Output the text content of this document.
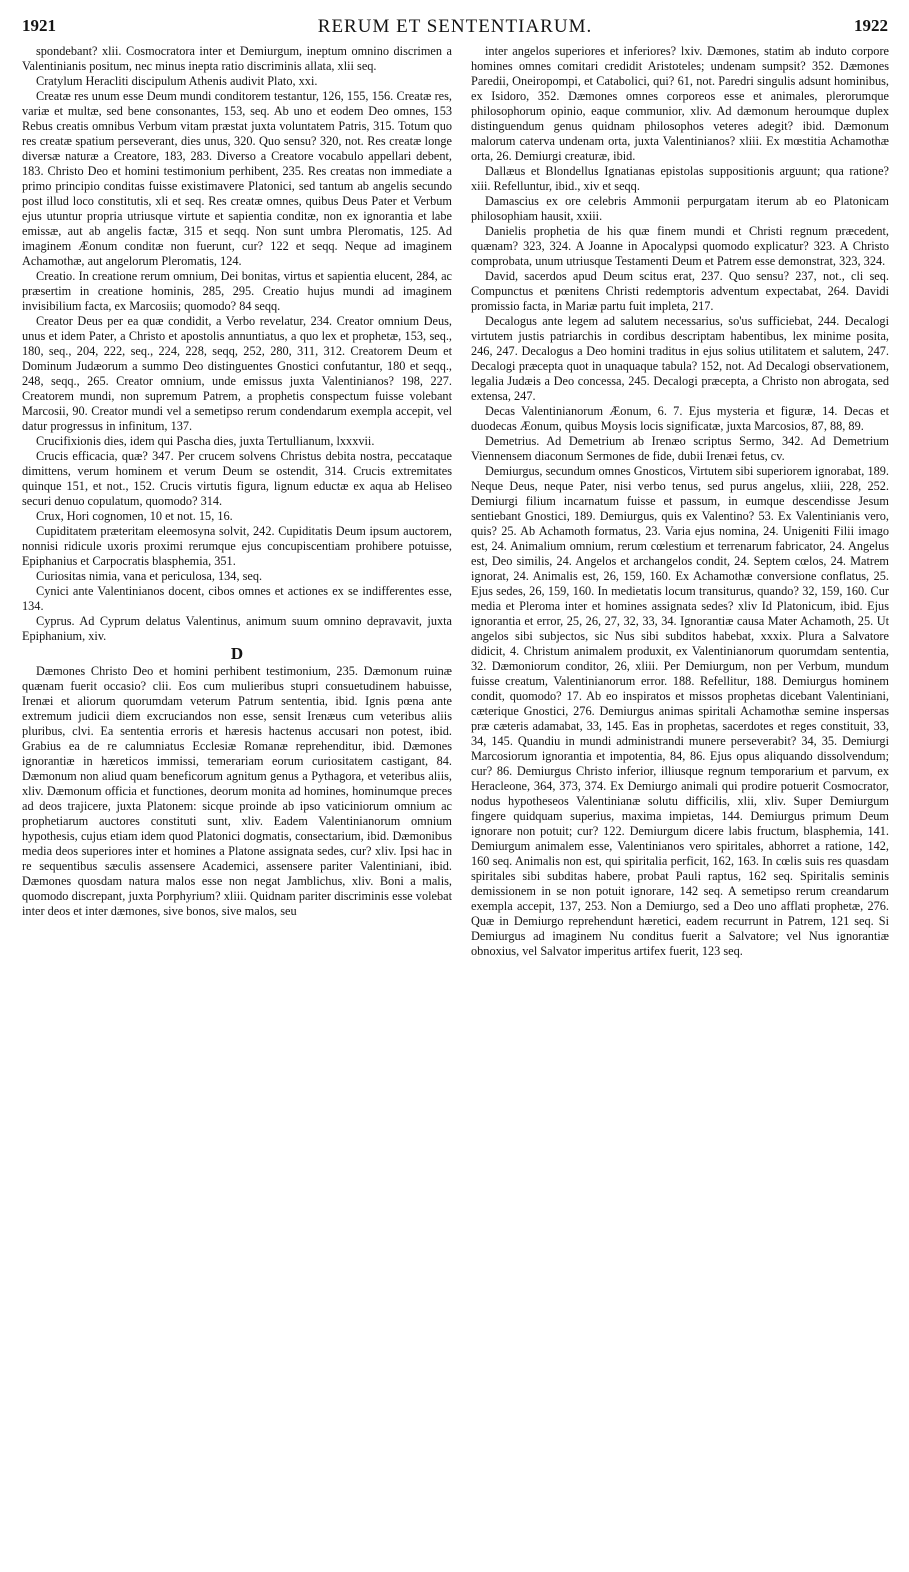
1921	RERUM ET SENTENTIARUM.	1922

spondebant? xlii. Cosmocratora inter et Demiurgum, ineptum omnino discrimen a Valentinianis positum, nec minus inepta ratio discriminis allata, xlii seq.

Cratylum Heracliti discipulum Athenis audivit Plato, xxi.

Creatæ res unum esse Deum mundi conditorem testantur, 126, 155, 156. Creatæ res, variæ et multæ, sed bene consonantes, 153, seq. Ab uno et eodem Deo omnes, 153 Rebus creatis omnibus Verbum vitam præstat juxta voluntatem Patris, 315. Totum quo res creatæ spatium perseverant, dies unus, 320. Quo sensu? 320, not. Res creatæ longe diversæ naturæ a Creatore, 183, 283. Diverso a Creatore vocabulo appellari debent, 183. Christo Deo et homini testimonium perhibent, 235. Res creatas non immediate a primo principio conditas fuisse existimavere Platonici, sed tantum ab angelis secundo post illud loco constitutis, xli et seq. Res creatæ omnes, quibus Deus Pater et Verbum ejus utuntur propria utriusque virtute et sapientia conditæ, non ex ignorantia et labe emissæ, aut ab angelis factæ, 315 et seqq. Non sunt umbra Pleromatis, 125. Ad imaginem Æonum conditæ non fuerunt, cur? 122 et seqq. Neque ad imaginem Achamothæ, aut angelorum Pleromatis, 124.

Creatio. In creatione rerum omnium, Dei bonitas, virtus et sapientia elucent, 284, ac præsertim in creatione hominis, 285, 295. Creatio hujus mundi ad imaginem invisibilium facta, ex Marcosiis; quomodo? 84 seqq.

Creator Deus per ea quæ condidit, a Verbo revelatur, 234. Creator omnium Deus, unus et idem Pater, a Christo et apostolis annuntiatus, a quo lex et prophetæ, 153, seq., 180, seq., 204, 222, seq., 224, 228, seqq, 252, 280, 311, 312. Creatorem Deum et Dominum Judæorum a summo Deo distinguentes Gnostici confutantur, 180 et seqq., 248, seqq., 265. Creator omnium, unde emissus juxta Valentinianos? 198, 227. Creatorem mundi, non supremum Patrem, a prophetis conspectum fuisse volebant Marcosii, 90. Creator mundi vel a semetipso rerum condendarum exempla accepit, vel datur progressus in infinitum, 137.

Crucifixionis dies, idem qui Pascha dies, juxta Tertullianum, lxxxvii.

Crucis efficacia, quæ? 347. Per crucem solvens Christus debita nostra, peccataque dimittens, verum hominem et verum Deum se ostendit, 314. Crucis extremitates quinque 151, et not., 152. Crucis virtutis figura, lignum eductæ ex aqua ab Heliseo securi denuo copulatum, quomodo? 314.

Crux, Hori cognomen, 10 et not. 15, 16.

Cupiditatem præteritam eleemosyna solvit, 242. Cupiditatis Deum ipsum auctorem, nonnisi ridicule uxoris proximi rerumque ejus concupiscentiam prohibere potuisse, Epiphanius et Carpocratis blasphemia, 351.

Curiositas nimia, vana et periculosa, 134, seq.

Cynici ante Valentinianos docent, cibos omnes et actiones ex se indifferentes esse, 134.

Cyprus. Ad Cyprum delatus Valentinus, animum suum omnino depravavit, juxta Epiphanium, xiv.

D

Dæmones Christo Deo et homini perhibent testimonium, 235. Dæmonum ruinæ quænam fuerit occasio? clii. Eos cum mulieribus stupri consuetudinem habuisse, Irenæi et aliorum quorumdam veterum Patrum sententia, ibid. Ignis pœna ante extremum judicii diem excruciandos non esse, sensit Irenæus cum veteribus aliis pluribus, clvi. Ea sententia erroris et hæresis hactenus accusari non potest, ibid. Grabius ea de re calumniatus Ecclesiæ Romanæ reprehenditur, ibid. Dæmones ignorantiæ in hæreticos immissi, temerariam eorum curiositatem castigant, 84. Dæmonum non aliud quam beneficorum agnitum genus a Pythagora, et veteribus aliis, xliv. Dæmonum officia et functiones, deorum monita ad homines, hominumque preces ad deos trajicere, juxta Platonem: sicque proinde ab ipso vaticiniorum omnium ac prophetiarum auctores constituti sunt, xliv. Eadem Valentinianorum omnium hypothesis, cujus etiam idem quod Platonici dogmatis, consectarium, ibid. Dæmonibus media deos superiores inter et homines a Platone assignata sedes, cur? xliv. Ipsi hac in re sequentibus sæculis assensere Academici, assensere pariter Valentiniani, ibid. Dæmones quosdam natura malos esse non negat Jamblichus, xliv. Boni a malis, quomodo discrepant, juxta Porphyrium? xliii. Quidnam pariter discriminis esse volebat inter deos et inter dæmones, sive bonos, sive malos, seu

inter angelos superiores et inferiores? lxiv. Dæmones, statim ab induto corpore homines omnes comitari credidit Aristoteles; undenam sumpsit? 352. Dæmones Paredii, Oneiropompi, et Catabolici, qui? 61, not. Paredri singulis adsunt hominibus, ex Isidoro, 352. Dæmones omnes corporeos esse et animales, plerorumque philosophorum opinio, eaque communior, xliv. Ad dæmonum heroumque duplex distinguendum genus quidnam philosophos veteres adegit? ibid. Dæmonum malorum caterva undenam orta, juxta Valentinianos? xliii. Ex mœstitia Achamothæ orta, 26. Demiurgi creaturæ, ibid.

Dallæus et Blondellus Ignatianas epistolas suppositionis arguunt; qua ratione? xiii. Refelluntur, ibid., xiv et seqq.

Damascius ex ore celebris Ammonii perpurgatam iterum ab eo Platonicam philosophiam hausit, xxiii.

Danielis prophetia de his quæ finem mundi et Christi regnum præcedent, quænam? 323, 324. A Joanne in Apocalypsi quomodo explicatur? 323. A Christo comprobata, unum utriusque Testamenti Deum et Patrem esse demonstrat, 323, 324.

David, sacerdos apud Deum scitus erat, 237. Quo sensu? 237, not., cli seq. Compunctus et pœnitens Christi redemptoris adventum expectabat, 264. Davidi promissio facta, in Mariæ partu fuit impleta, 217.

Decalogus ante legem ad salutem necessarius, so'us sufficiebat, 244. Decalogi virtutem justis patriarchis in cordibus descriptam habentibus, lex minime posita, 246, 247. Decalogus a Deo homini traditus in ejus solius utilitatem et salutem, 247. Decalogi præcepta quot in unaquaque tabula? 152, not. Ad Decalogi observationem, legalia Judæis a Deo concessa, 245. Decalogi præcepta, a Christo non abrogata, sed extensa, 247.

Decas Valentinianorum Æonum, 6. 7. Ejus mysteria et figuræ, 14. Decas et duodecas Æonum, quibus Moysis locis significatæ, juxta Marcosios, 87, 88, 89.

Demetrius. Ad Demetrium ab Irenæo scriptus Sermo, 342. Ad Demetrium Viennensem diaconum Sermones de fide, dubii Irenæi fetus, cv.

Demiurgus, secundum omnes Gnosticos, Virtutem sibi superiorem ignorabat, 189. Neque Deus, neque Pater, nisi verbo tenus, sed purus angelus, xliii, 228, 252. Demiurgi filium incarnatum fuisse et passum, in eumque descendisse Jesum sentiebant Gnostici, 189. Demiurgus, quis ex Valentino? 53. Ex Valentinianis vero, quis? 25. Ab Achamoth formatus, 23. Varia ejus nomina, 24. Unigeniti Filii imago est, 24. Animalium omnium, rerum cœlestium et terrenarum fabricator, 24. Angelus est, Deo similis, 24. Angelos et archangelos condit, 24. Septem cœlos, 24. Matrem ignorat, 24. Animalis est, 26, 159, 160. Ex Achamothæ conversione conflatus, 25. Ejus sedes, 26, 159, 160. In medietatis locum transiturus, quando? 32, 159, 160. Cur media et Pleroma inter et homines assignata sedes? xliv Id Platonicum, ibid. Ejus ignorantia et error, 25, 26, 27, 32, 33, 34. Ignorantiæ causa Mater Achamoth, 25. Ut angelos sibi subjectos, sic Nus sibi subditos habebat, xxxix. Plura a Salvatore didicit, 4. Christum animalem produxit, ex Valentinianorum quorumdam sententia, 32. Dæmoniorum conditor, 26, xliii. Per Demiurgum, non per Verbum, mundum fuisse creatum, Valentinianorum error. 188. Refellitur, 188. Demiurgus hominem condit, quomodo? 17. Ab eo inspiratos et missos prophetas dicebant Valentiniani, cæterique Gnostici, 276. Demiurgus animas spiritali Achamothæ semine inspersas præ cæteris adamabat, 33, 145. Eas in prophetas, sacerdotes et reges constituit, 33, 34, 145. Quandiu in mundi administrandi munere perseverabit? 34, 35. Demiurgi Marcosiorum ignorantia et impotentia, 84, 86. Ejus opus aliquando dissolvendum; cur? 86. Demiurgus Christo inferior, illiusque regnum temporarium et parvum, ex Heracleone, 364, 373, 374. Ex Demiurgo animali qui prodire potuerit Cosmocrator, nodus hypotheseos Valentinianæ solutu difficilis, xlii, xliv. Super Demiurgum fingere quidquam superius, maxima impietas, 144. Demiurgus primum Deum ignorare non potuit; cur? 122. Demiurgum dicere labis fructum, blasphemia, 141. Demiurgum animalem esse, Valentinianos vero spiritales, abhorret a ratione, 142, 160 seq. Animalis non est, qui spiritalia perficit, 162, 163. In cœlis suis res quasdam spiritales sibi subditas habere, probat Pauli raptus, 162 seq. Spiritalis seminis demissionem in se non potuit ignorare, 142 seq. A semetipso rerum creandarum exempla accepit, 137, 253. Non a Demiurgo, sed a Deo uno afflati prophetæ, 276. Quæ in Demiurgo reprehendunt hæretici, eadem recurrunt in Patrem, 121 seq. Si Demiurgus ad imaginem Nu conditus fuerit a Salvatore; vel Nus ignorantiæ obnoxius, vel Salvator imperitus artifex fuerit, 123 seq.
